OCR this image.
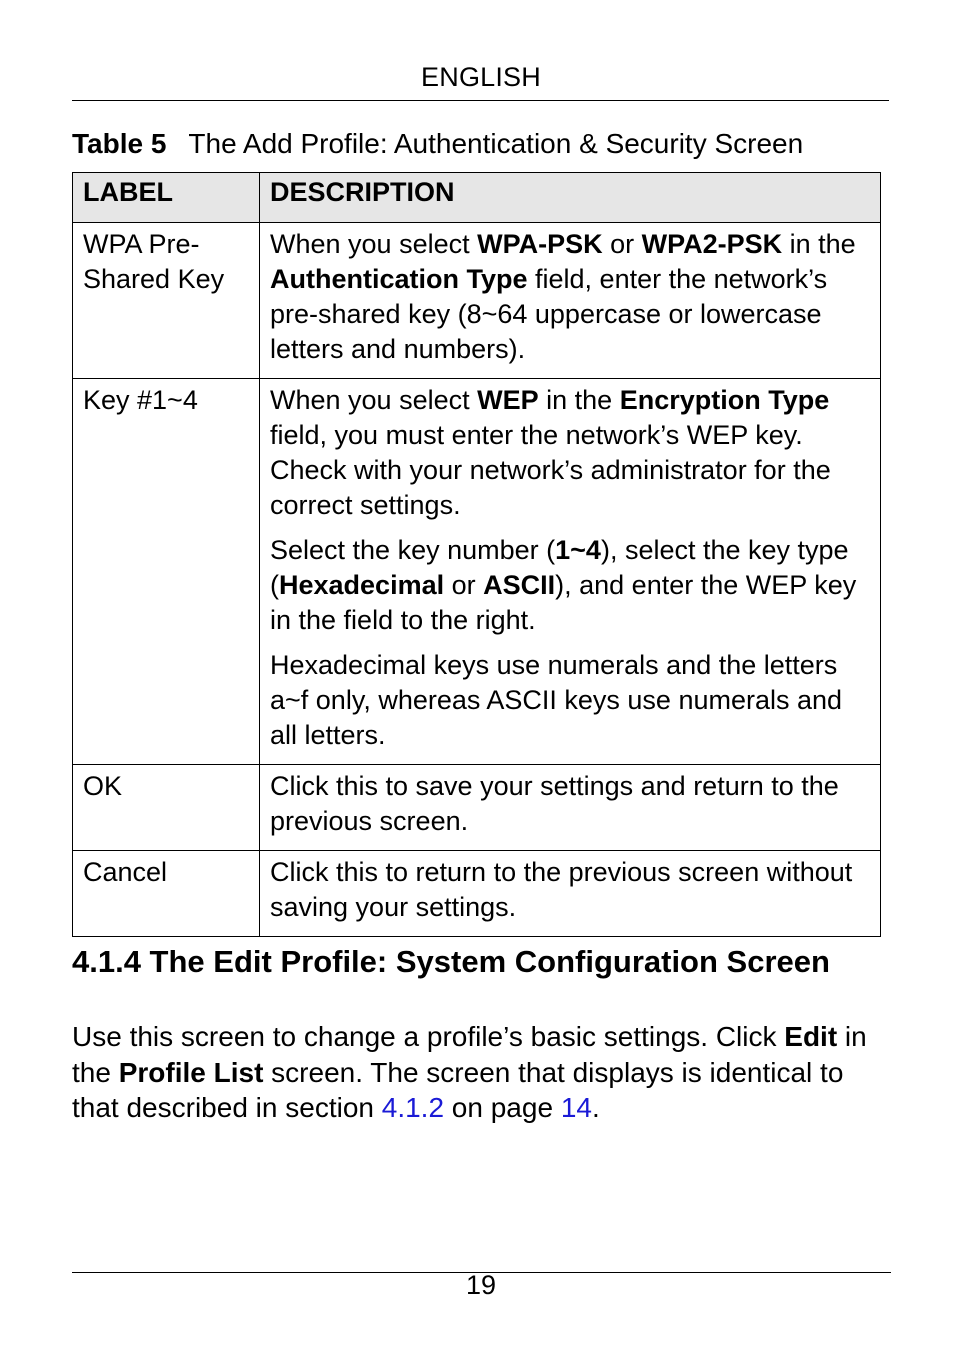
ENGLISH
Table 5 The Add Profile: Authentication & Security Screen
LABEL	DESCRIPTION
WPA Pre-Shared Key	When you select WPA-PSK or WPA2-PSK in the Authentication Type field, enter the network’s pre-shared key (8~64 uppercase or lowercase letters and numbers).

Key #1~4	When you select WEP in the Encryption Type field, you must enter the network’s WEP key. Check with your network’s administrator for the correct settings.
Select the key number (1~4), select the key type (Hexadecimal or ASCII), and enter the WEP key in the field to the right.
Hexadecimal keys use numerals and the letters a~f only, whereas ASCII keys use numerals and all letters.

OK	Click this to save your settings and return to the previous screen.

Cancel	Click this to return to the previous screen without saving your settings.
4.1.4 The Edit Profile: System Configuration Screen
Use this screen to change a profile’s basic settings. Click Edit in the Profile List screen. The screen that displays is identical to that described in section 4.1.2 on page 14.
19
